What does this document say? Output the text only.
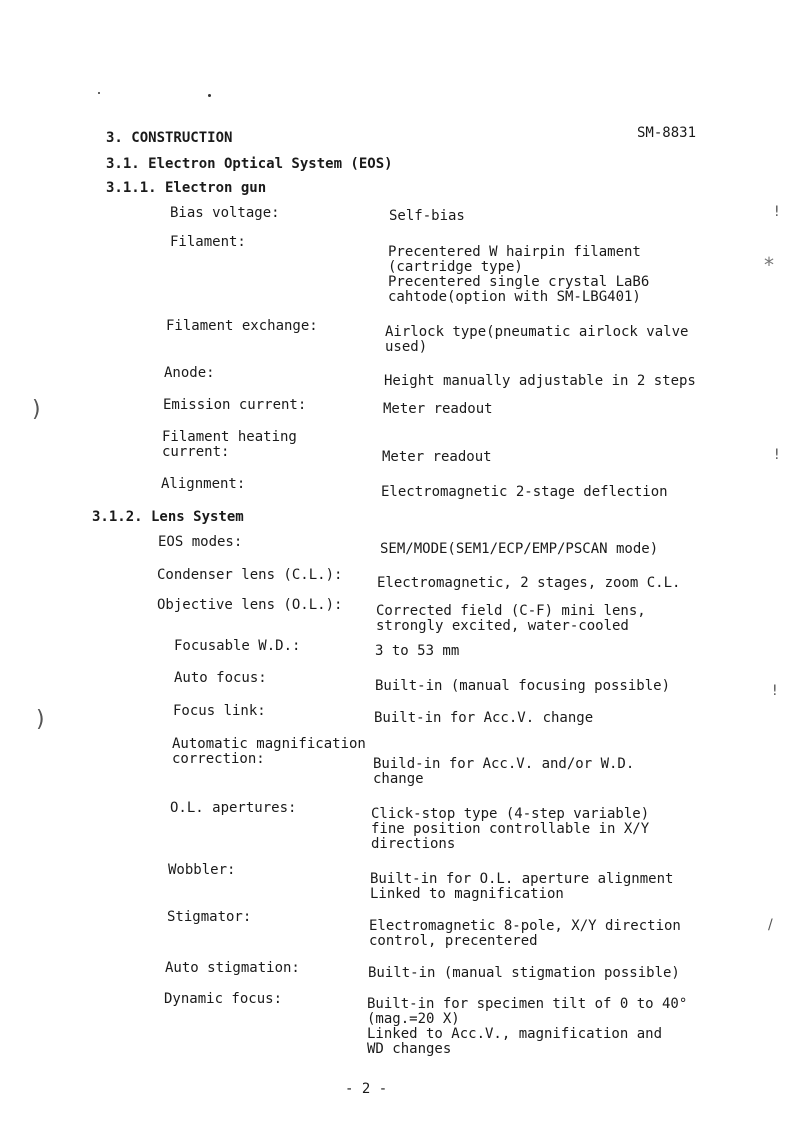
)
)
!
!
!
/
*
3. CONSTRUCTION	SM-8831
3.1. Electron Optical System (EOS)
3.1.1. Electron gun
Bias voltage:	Self-bias
Filament:
Precentered W hairpin filament
(cartridge type)
Precentered single crystal LaB6
cahtode(option with SM-LBG401)
Filament exchange:	Airlock type(pneumatic airlock valve
used)
Anode:	Height manually adjustable in 2 steps
Emission current:	Meter readout
Filament heating
current:	Meter readout
Alignment:	Electromagnetic 2-stage deflection
3.1.2. Lens System
EOS modes:	SEM/MODE(SEM1/ECP/EMP/PSCAN mode)
Condenser lens (C.L.): Electromagnetic, 2 stages, zoom C.L.
Objective lens (O.L.): Corrected field (C-F) mini lens,
strongly excited, water-cooled
Focusable W.D.:	3 to 53 mm
Auto focus:	Built-in (manual focusing possible)
Focus link:	Built-in for Acc.V. change
Automatic magnification
correction:	Build-in for Acc.V. and/or W.D.
change
O.L. apertures:	Click-stop type (4-step variable)
fine position controllable in X/Y
directions
Wobbler:
Built-in for O.L. aperture alignment
Linked to magnification
Stigmator:
Electromagnetic 8-pole, X/Y direction
control, precentered
Auto stigmation:	Built-in (manual stigmation possible)
Dynamic focus:	Built-in for specimen tilt of 0 to 40°
(mag.=20 X)
Linked to Acc.V., magnification and
WD changes
- 2 -
